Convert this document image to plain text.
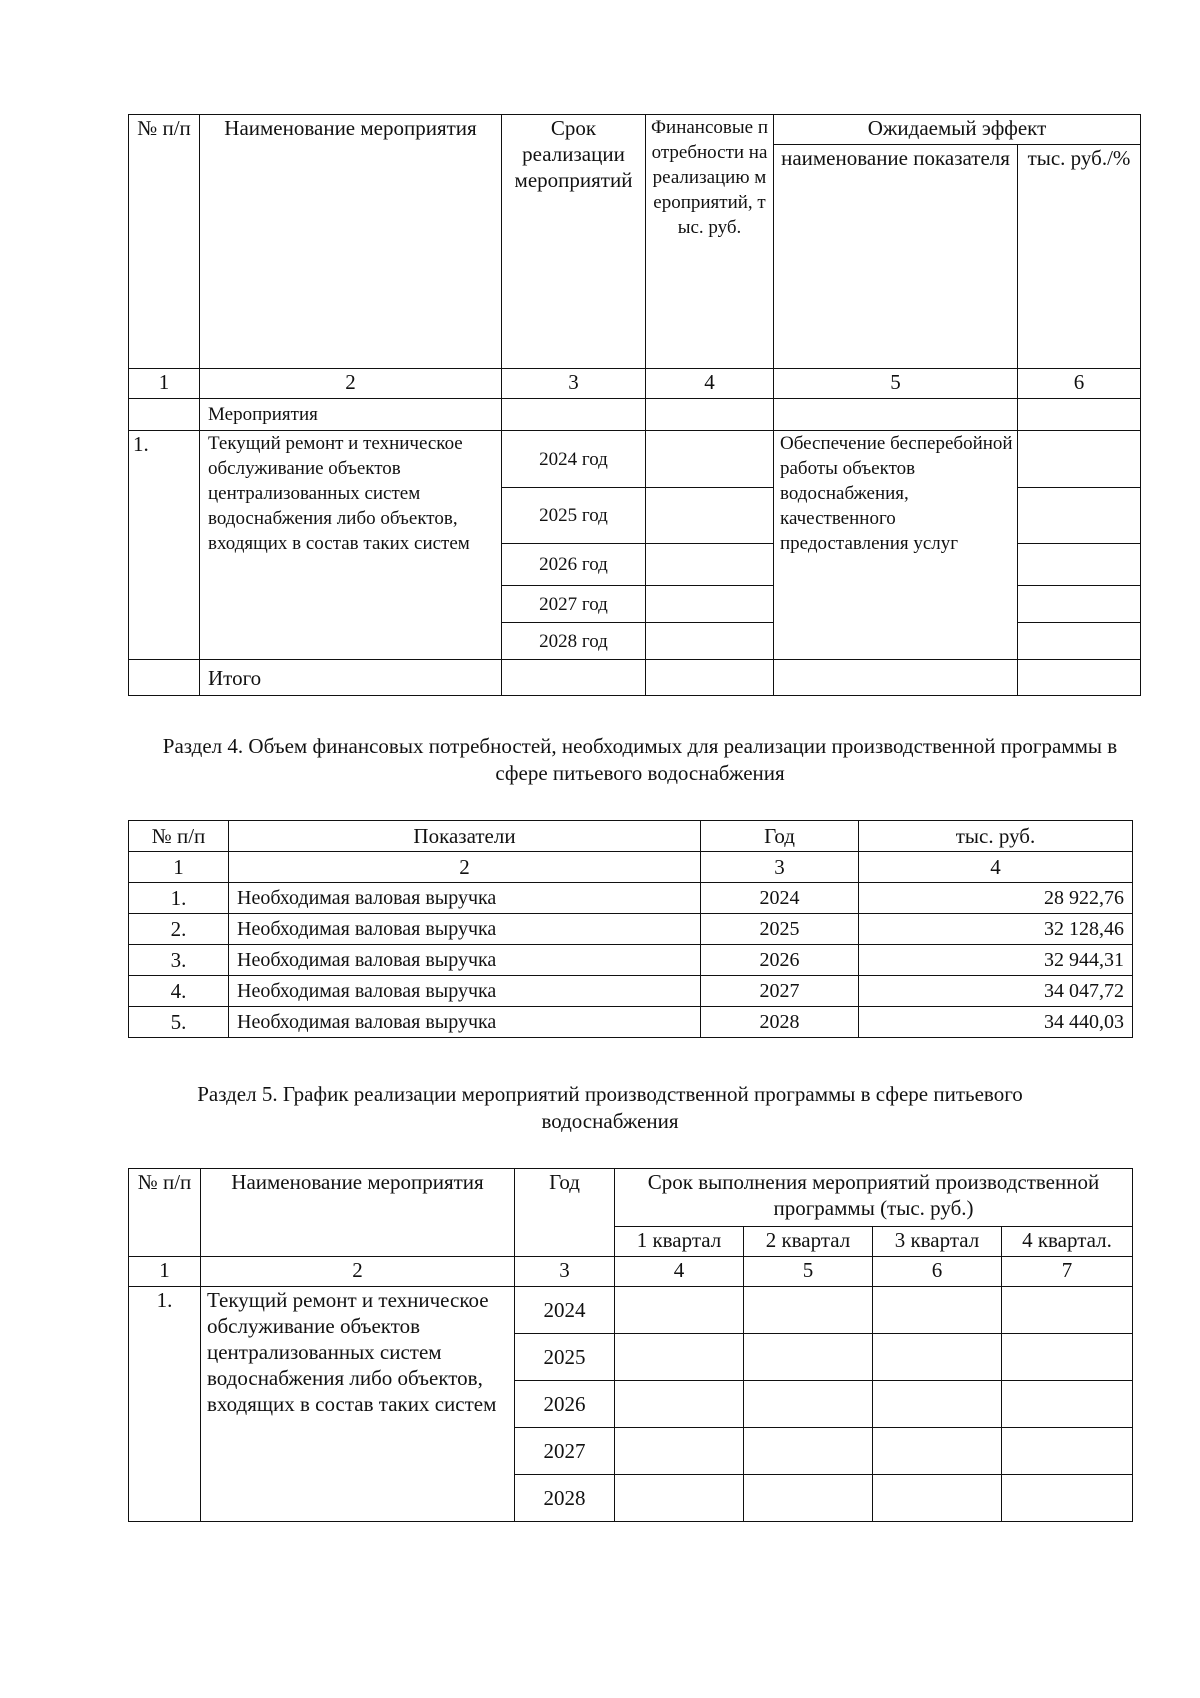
№ п/п	Наименование мероприятия	Срок реализации мероприятий	Финансовые потребности на реализацию мероприятий, тыс. руб.	Ожидаемый эффект	
				наименование показателя	тыс. руб./%
1	2	3	4	5	6
	Мероприятия				
1.	Текущий ремонт и техническое обслуживание объектов централизованных систем водоснабжения либо объектов, входящих в состав таких систем	2024 год		Обеспечение бесперебойной работы объектов водоснабжения, качественного предоставления услуг	
		2025 год			
		2026 год			
		2027 год			
		2028 год			
	Итого				
Раздел 4. Объем финансовых потребностей, необходимых для реализации производственной программы в сфере питьевого водоснабжения
№ п/п	Показатели	Год	тыс. руб.
1	2	3	4
1.	Необходимая валовая выручка	2024	28 922,76
2.	Необходимая валовая выручка	2025	32 128,46
3.	Необходимая валовая выручка	2026	32 944,31
4.	Необходимая валовая выручка	2027	34 047,72
5.	Необходимая валовая выручка	2028	34 440,03
Раздел 5. График реализации мероприятий производственной программы в сфере питьевого водоснабжения
№ п/п	Наименование мероприятия	Год	Срок выполнения мероприятий производственной программы (тыс. руб.)			
			1 квартал	2 квартал	3 квартал	4 квартал.
1	2	3	4	5	6	7
1.	Текущий ремонт и техническое обслуживание объектов централизованных систем водоснабжения либо объектов, входящих в состав таких систем	2024				
		2025				
		2026				
		2027				
		2028				
